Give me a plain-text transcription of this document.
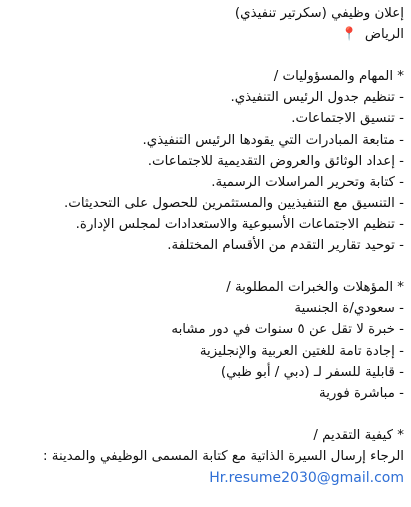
إعلان وظيفي (سكرتير تنفيذي)
الرياض 📍
* المهام والمسؤوليات /
- تنظيم جدول الرئيس التنفيذي.
- تنسيق الاجتماعات.
- متابعة المبادرات التي يقودها الرئيس التنفيذي.
- إعداد الوثائق والعروض التقديمية للاجتماعات.
- كتابة وتحرير المراسلات الرسمية.
- التنسيق مع التنفيذيين والمستثمرين للحصول على التحديثات.
- تنظيم الاجتماعات الأسبوعية والاستعدادات لمجلس الإدارة.
- توحيد تقارير التقدم من الأقسام المختلفة.
* المؤهلات والخبرات المطلوبة /
- سعودي/ة الجنسية
- خبرة لا تقل عن ٥ سنوات في دور مشابه
- إجادة تامة للغتين العربية والإنجليزية
- قابلية للسفر لـ (دبي / أبو ظبي)
- مباشرة فورية
* كيفية التقديم /
الرجاء إرسال السيرة الذاتية مع كتابة المسمى الوظيفي والمدينة :
Hr.resume2030@gmail.com
